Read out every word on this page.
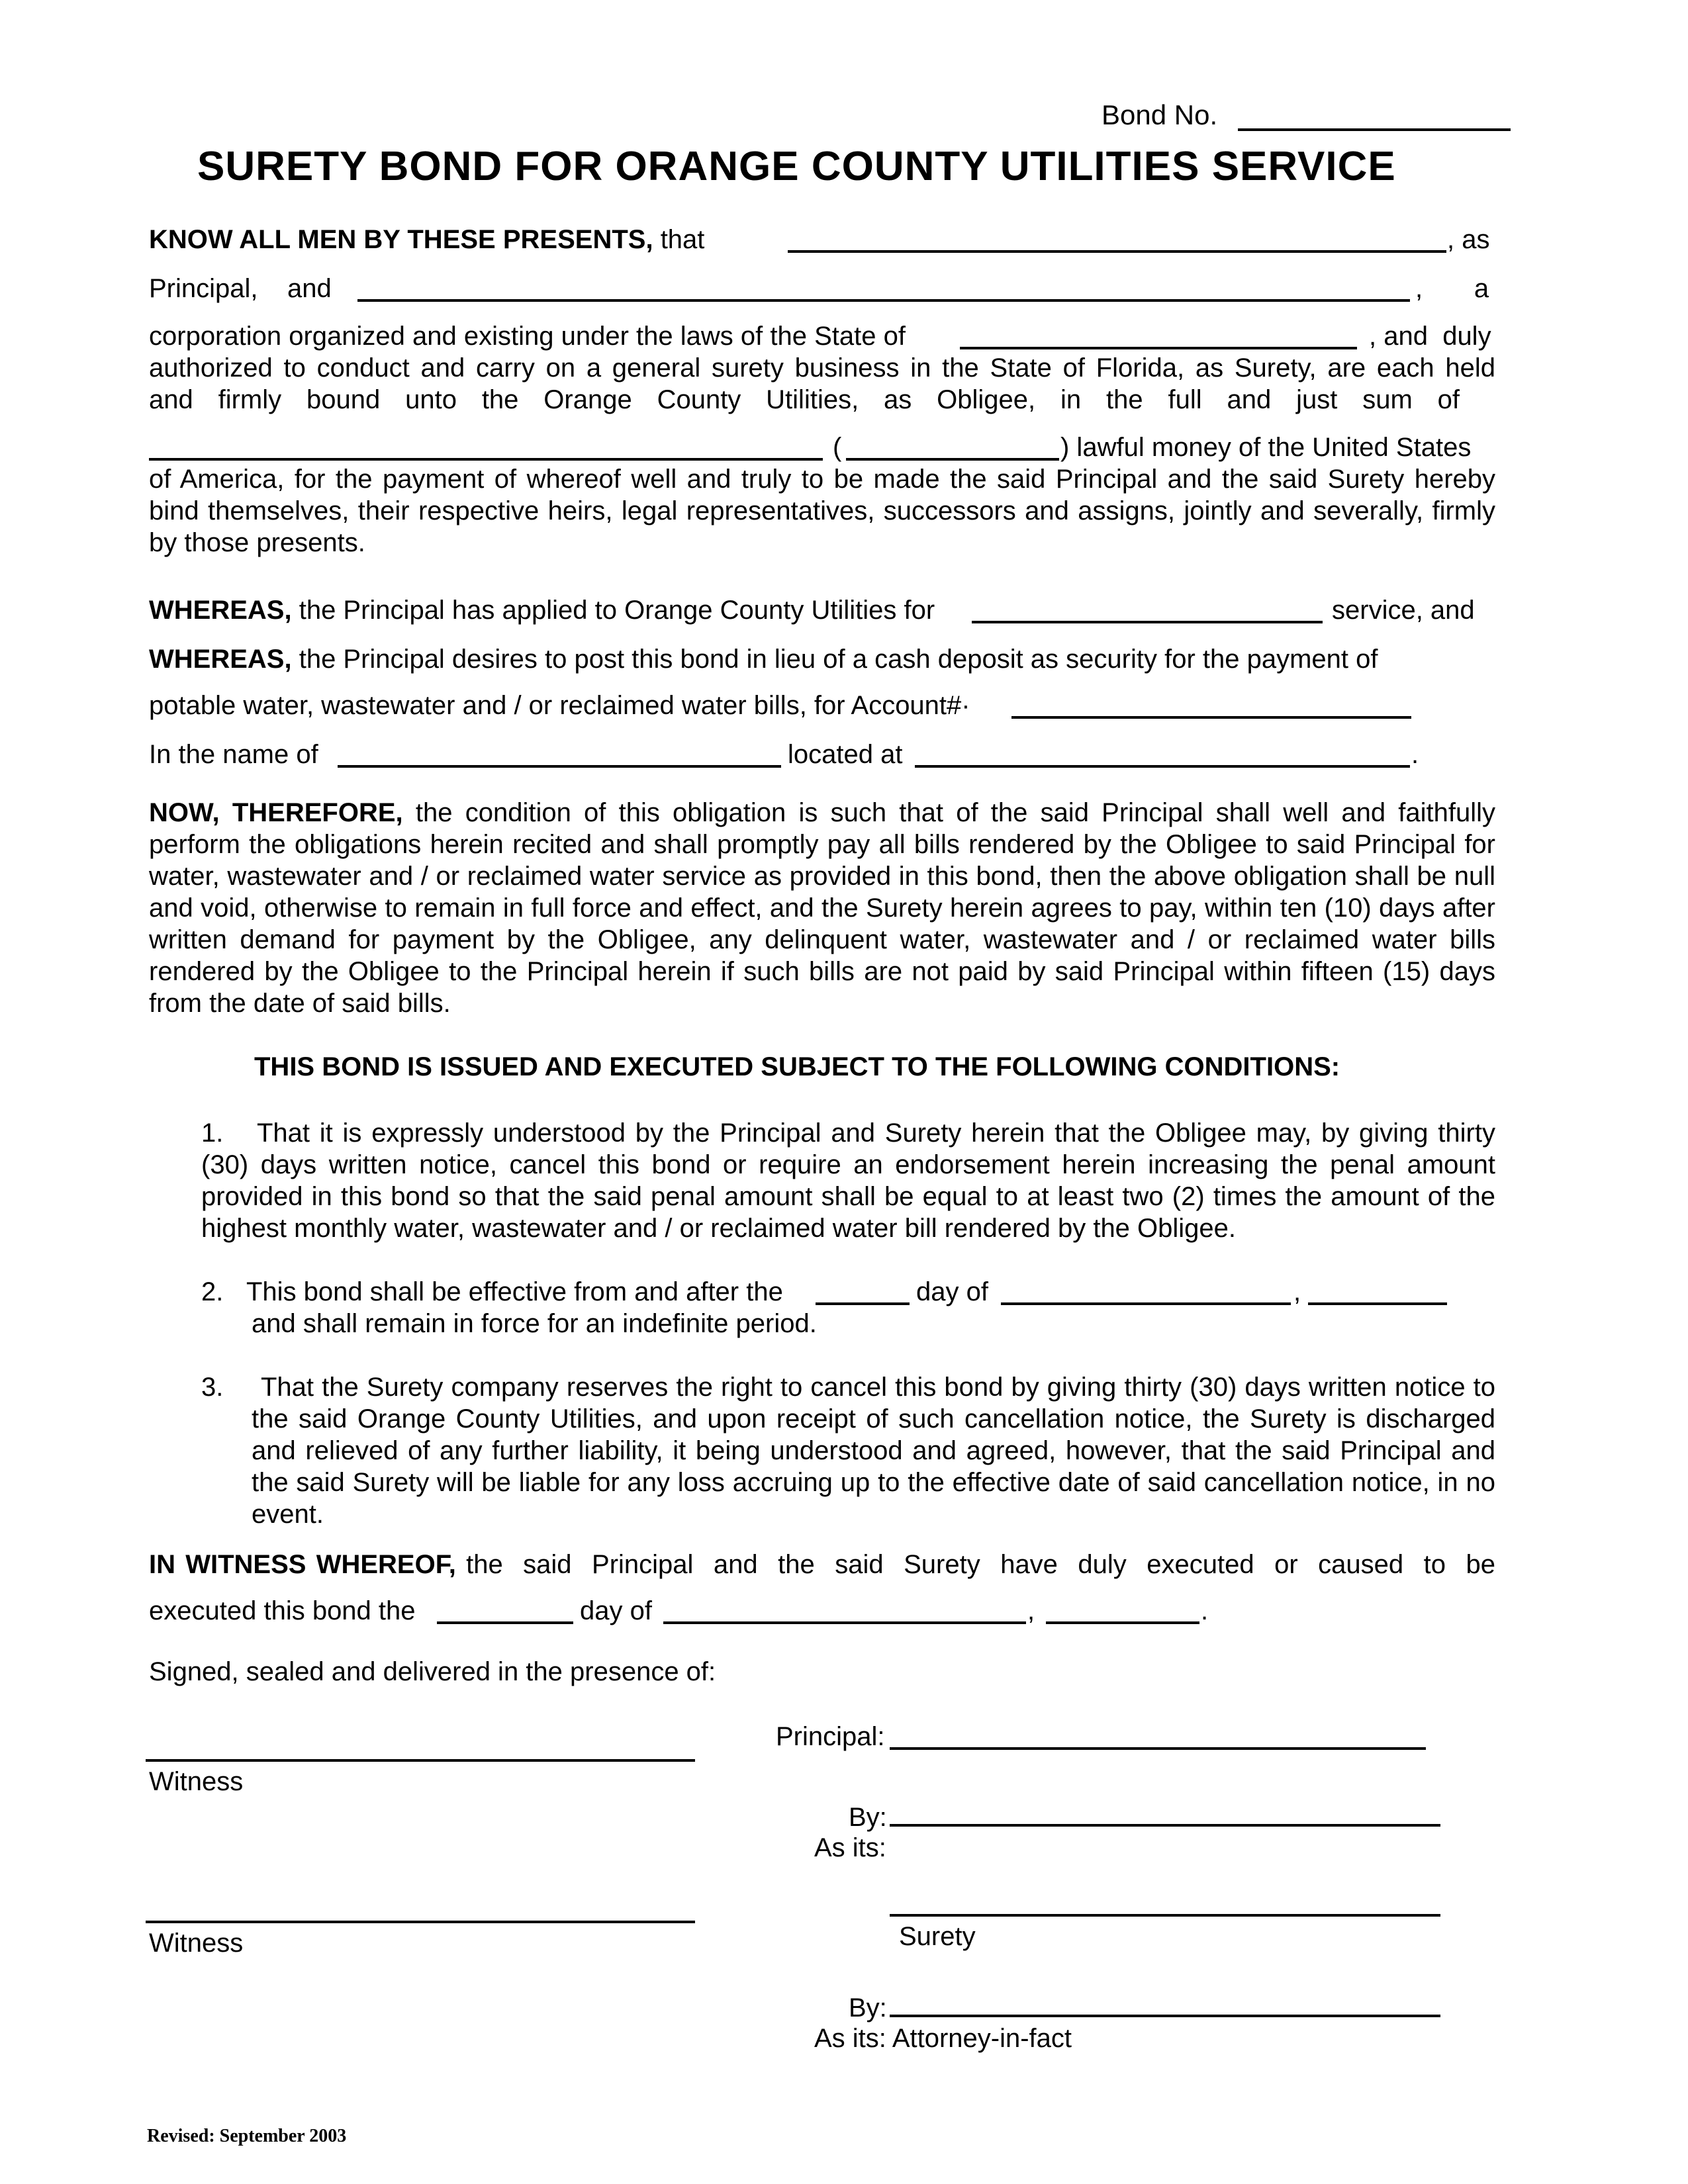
Bond No.
SURETY BOND FOR ORANGE COUNTY UTILITIES SERVICE
KNOW ALL MEN BY THESE PRESENTS, that	, as
Principal,    and	,       a
corporation organized and existing under the laws of the State of	, and  duly
authorized to conduct and carry on a general surety business in the State of Florida, as Surety, are each held
and   firmly   bound   unto   the   Orange   County   Utilities,   as   Obligee,   in   the   full   and   just   sum   of
(	) lawful money of the United States
of America, for the payment of whereof well and truly to be made the said Principal and the said Surety hereby bind themselves, their respective heirs, legal representatives, successors and assigns, jointly and severally, firmly by those presents.
WHEREAS, the Principal has applied to Orange County Utilities for	service, and
WHEREAS, the Principal desires to post this bond in lieu of a cash deposit as security for the payment of
potable water, wastewater and / or reclaimed water bills, for Account#·
In the name of	located at	.
NOW, THEREFORE, the condition of this obligation is such that of the said Principal shall well and faithfully perform the obligations herein recited and shall promptly pay all bills rendered by the Obligee to said Principal for water, wastewater and / or reclaimed water service as provided in this bond, then the above obligation shall be null and void, otherwise to remain in full force and effect, and the Surety herein agrees to pay, within ten (10) days after written demand for payment by the Obligee, any delinquent water, wastewater and / or reclaimed water bills rendered by the Obligee to the Principal herein if such bills are not paid by said Principal within fifteen (15) days from the date of said bills.
THIS BOND IS ISSUED AND EXECUTED SUBJECT TO THE FOLLOWING CONDITIONS:
1.	That it is expressly understood by the Principal and Surety herein that the Obligee may, by giving thirty (30) days written notice, cancel this bond or require an endorsement herein increasing the penal amount provided in this bond so that the said penal amount shall be equal to at least two (2) times the amount of the highest monthly water, wastewater and / or reclaimed water bill rendered by the Obligee.
2. This bond shall be effective from and after the	day of	,
and shall remain in force for an indefinite period.
3.	That the Surety company reserves the right to cancel this bond by giving thirty (30) days written notice to the said Orange County Utilities, and upon receipt of such cancellation notice, the Surety is discharged and relieved of any further liability, it being understood and agreed, however, that the said Principal and the said Surety will be liable for any loss accruing up to the effective date of said cancellation notice, in no event.
IN WITNESS WHEREOF, the  said  Principal  and  the  said  Surety  have  duly  executed  or  caused  to  be
executed this bond the	day of	,	.
Signed, sealed and delivered in the presence of:
Witness
Principal:
By:
As its:
Witness	Surety
By:
As its: Attorney-in-fact
Revised: September 2003
